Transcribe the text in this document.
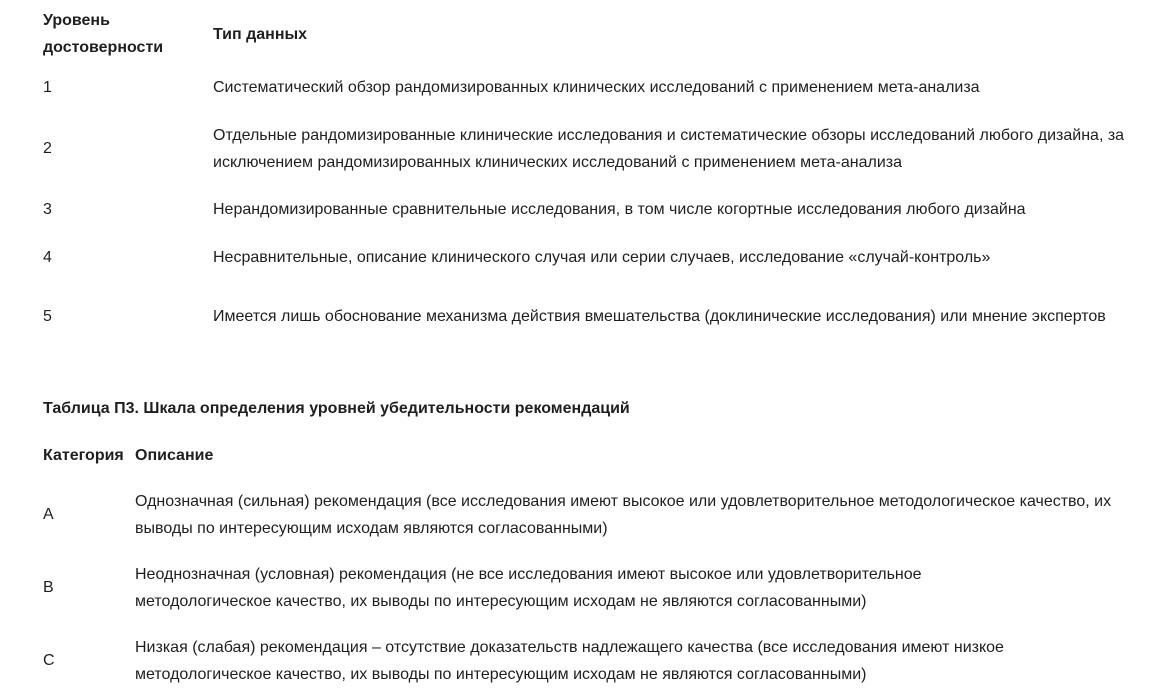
Уровень достоверности	Тип данных
1	Систематический обзор рандомизированных клинических исследований с применением мета-анализа
2	Отдельные рандомизированные клинические исследования и систематические обзоры исследований любого дизайна, за исключением рандомизированных клинических исследований с применением мета-анализа
3	Нерандомизированные сравнительные исследования, в том числе когортные исследования любого дизайна
4	Несравнительные, описание клинического случая или серии случаев, исследование «случай-контроль»
5	Имеется лишь обоснование механизма действия вмешательства (доклинические исследования) или мнение экспертов
Таблица П3. Шкала определения уровней убедительности рекомендаций
Категория	Описание
A	Однозначная (сильная) рекомендация (все исследования имеют высокое или удовлетворительное методологическое качество, их выводы по интересующим исходам являются согласованными)
B	Неоднозначная (условная) рекомендация (не все исследования имеют высокое или удовлетворительное методологическое качество, их выводы по интересующим исходам не являются согласованными)
C	Низкая (слабая) рекомендация – отсутствие доказательств надлежащего качества (все исследования имеют низкое методологическое качество, их выводы по интересующим исходам не являются согласованными)
